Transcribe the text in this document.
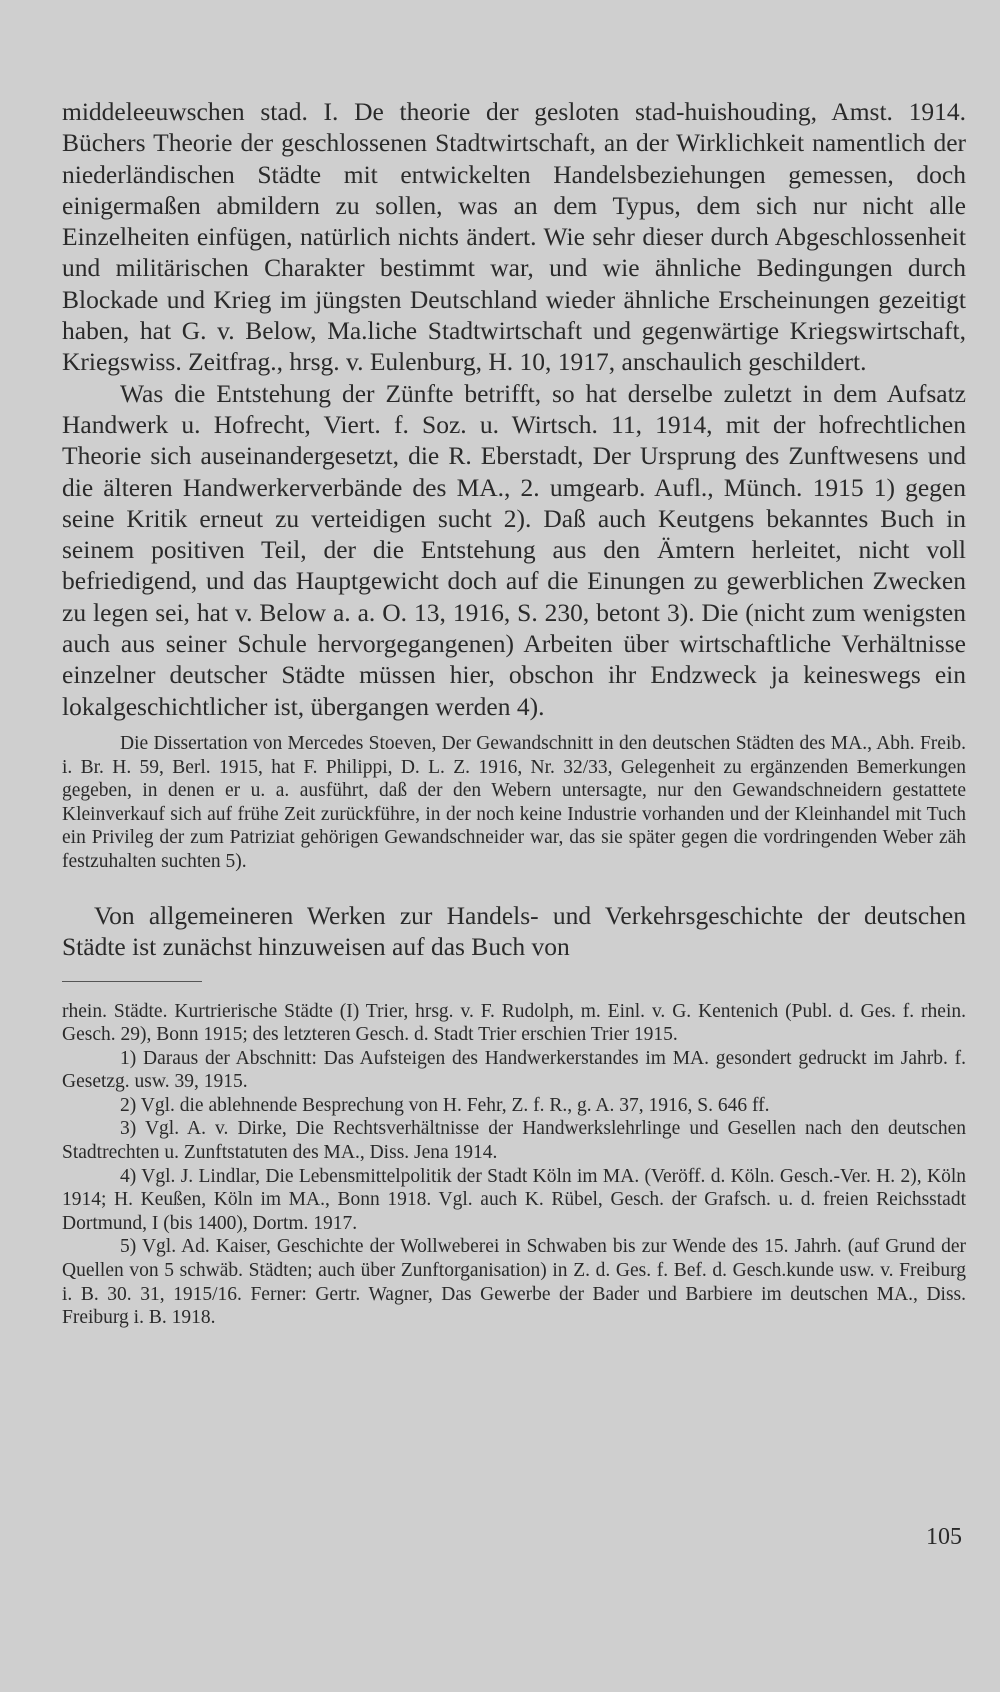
middeleeuwschen stad. I. De theorie der gesloten stad-huishouding, Amst. 1914. Büchers Theorie der geschlossenen Stadtwirtschaft, an der Wirklichkeit namentlich der niederländischen Städte mit entwickelten Handelsbeziehungen gemessen, doch einigermaßen abmildern zu sollen, was an dem Typus, dem sich nur nicht alle Einzelheiten einfügen, natürlich nichts ändert. Wie sehr dieser durch Abgeschlossenheit und militärischen Charakter bestimmt war, und wie ähnliche Bedingungen durch Blockade und Krieg im jüngsten Deutschland wieder ähnliche Erscheinungen gezeitigt haben, hat G. v. Below, Ma.liche Stadtwirtschaft und gegenwärtige Kriegswirtschaft, Kriegswiss. Zeitfrag., hrsg. v. Eulenburg, H. 10, 1917, anschaulich geschildert.

Was die Entstehung der Zünfte betrifft, so hat derselbe zuletzt in dem Aufsatz Handwerk u. Hofrecht, Viert. f. Soz. u. Wirtsch. 11, 1914, mit der hofrechtlichen Theorie sich auseinandergesetzt, die R. Eberstadt, Der Ursprung des Zunftwesens und die älteren Handwerkerverbände des MA., 2. umgearb. Aufl., Münch. 1915 1) gegen seine Kritik erneut zu verteidigen sucht 2). Daß auch Keutgens bekanntes Buch in seinem positiven Teil, der die Entstehung aus den Ämtern herleitet, nicht voll befriedigend, und das Hauptgewicht doch auf die Einungen zu gewerblichen Zwecken zu legen sei, hat v. Below a. a. O. 13, 1916, S. 230, betont 3). Die (nicht zum wenigsten auch aus seiner Schule hervorgegangenen) Arbeiten über wirtschaftliche Verhältnisse einzelner deutscher Städte müssen hier, obschon ihr Endzweck ja keineswegs ein lokalgeschichtlicher ist, übergangen werden 4).

Die Dissertation von Mercedes Stoeven, Der Gewandschnitt in den deutschen Städten des MA., Abh. Freib. i. Br. H. 59, Berl. 1915, hat F. Philippi, D. L. Z. 1916, Nr. 32/33, Gelegenheit zu ergänzenden Bemerkungen gegeben, in denen er u. a. ausführt, daß der den Webern untersagte, nur den Gewandschneidern gestattete Kleinverkauf sich auf frühe Zeit zurückführe, in der noch keine Industrie vorhanden und der Kleinhandel mit Tuch ein Privileg der zum Patriziat gehörigen Gewandschneider war, das sie später gegen die vordringenden Weber zäh festzuhalten suchten 5).

Von allgemeineren Werken zur Handels- und Verkehrsgeschichte der deutschen Städte ist zunächst hinzuweisen auf das Buch von

rhein. Städte. Kurtrierische Städte (I) Trier, hrsg. v. F. Rudolph, m. Einl. v. G. Kentenich (Publ. d. Ges. f. rhein. Gesch. 29), Bonn 1915; des letzteren Gesch. d. Stadt Trier erschien Trier 1915.

1) Daraus der Abschnitt: Das Aufsteigen des Handwerkerstandes im MA. gesondert gedruckt im Jahrb. f. Gesetzg. usw. 39, 1915.

2) Vgl. die ablehnende Besprechung von H. Fehr, Z. f. R., g. A. 37, 1916, S. 646 ff.

3) Vgl. A. v. Dirke, Die Rechtsverhältnisse der Handwerkslehrlinge und Gesellen nach den deutschen Stadtrechten u. Zunftstatuten des MA., Diss. Jena 1914.

4) Vgl. J. Lindlar, Die Lebensmittelpolitik der Stadt Köln im MA. (Veröff. d. Köln. Gesch.-Ver. H. 2), Köln 1914; H. Keußen, Köln im MA., Bonn 1918. Vgl. auch K. Rübel, Gesch. der Grafsch. u. d. freien Reichsstadt Dortmund, I (bis 1400), Dortm. 1917.

5) Vgl. Ad. Kaiser, Geschichte der Wollweberei in Schwaben bis zur Wende des 15. Jahrh. (auf Grund der Quellen von 5 schwäb. Städten; auch über Zunftorganisation) in Z. d. Ges. f. Bef. d. Gesch.kunde usw. v. Freiburg i. B. 30. 31, 1915/16. Ferner: Gertr. Wagner, Das Gewerbe der Bader und Barbiere im deutschen MA., Diss. Freiburg i. B. 1918.

105
